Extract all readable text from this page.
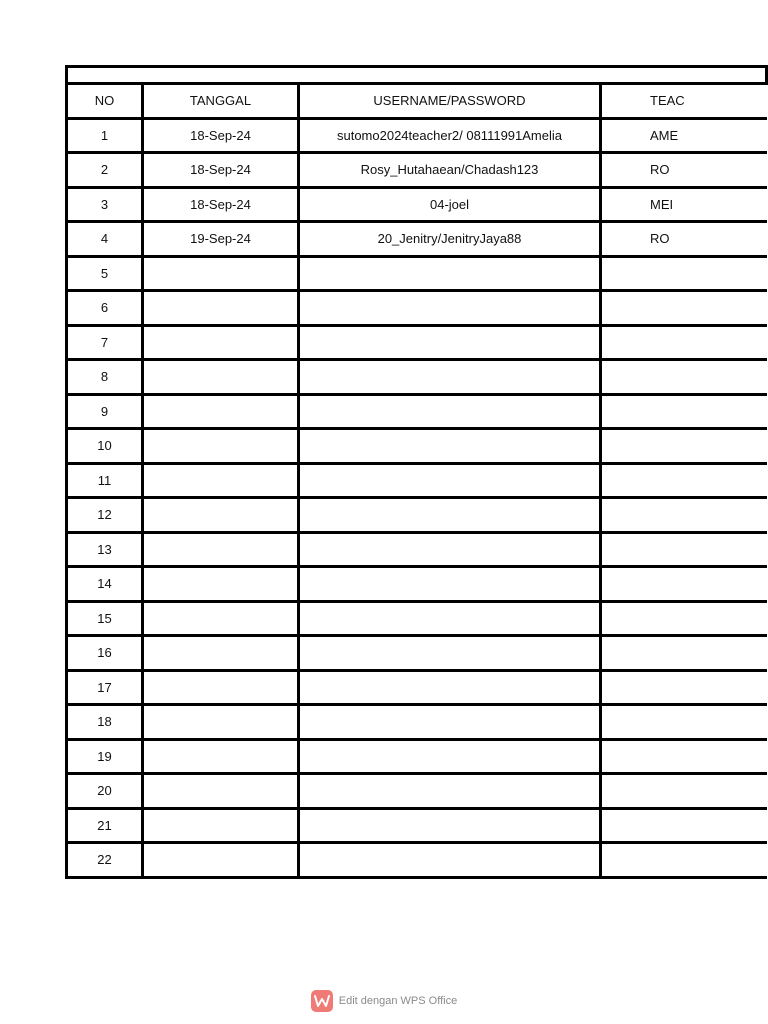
NO	TANGGAL	USERNAME/PASSWORD	TEAC
1	18-Sep-24	sutomo2024teacher2/ 08111991Amelia	AME
2	18-Sep-24	Rosy_Hutahaean/Chadash123	RO
3	18-Sep-24	04-joel	MEI
4	19-Sep-24	20_Jenitry/JenitryJaya88	RO
5			
6			
7			
8			
9			
10			
11			
12			
13			
14			
15			
16			
17			
18			
19			
20			
21			
22			
Edit dengan WPS Office
